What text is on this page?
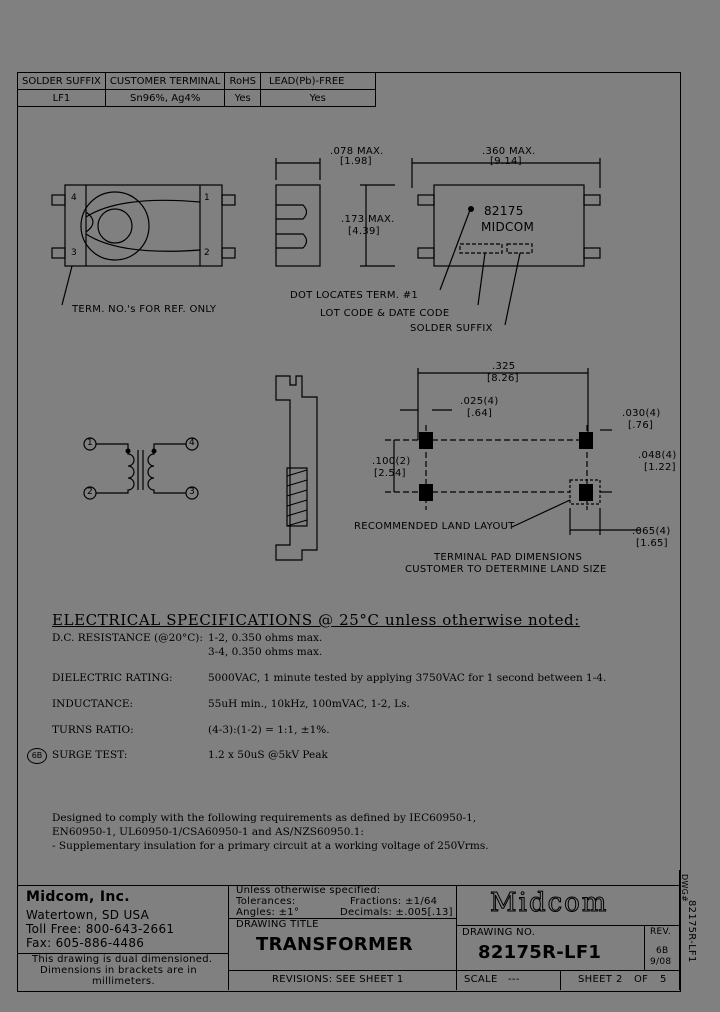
SOLDER SUFFIX	CUSTOMER TERMINAL	RoHS	LEAD(Pb)-FREE
LF1	Sn96%, Ag4%	Yes	Yes
4	1
3	2
1
2
4
3
82175
MIDCOM
.078 MAX.
[1.98]
.360 MAX.
[9.14]
.173 MAX.
[4.39]
.325
[8.26]
.025(4)
[.64]
.100(2)
[2.54]
.030(4)
[.76]
.048(4)
[1.22]
.065(4)
[1.65]
TERM. NO.'s FOR REF. ONLY
DOT LOCATES TERM. #1
LOT CODE & DATE CODE
SOLDER SUFFIX
RECOMMENDED LAND LAYOUT
TERMINAL PAD DIMENSIONS
CUSTOMER TO DETERMINE LAND SIZE
ELECTRICAL SPECIFICATIONS @ 25°C unless otherwise noted:
D.C. RESISTANCE (@20°C): 1-2, 0.350 ohms max.
3-4, 0.350 ohms max.
DIELECTRIC RATING:	5000VAC, 1 minute tested by applying 3750VAC for 1 second between 1-4.
INDUCTANCE:	55uH min., 10kHz, 100mVAC, 1-2, Ls.
TURNS RATIO:	(4-3):(1-2) = 1:1, ±1%.
6B SURGE TEST:	1.2 x 50uS @5kV Peak
Designed to comply with the following requirements as defined by IEC60950-1,
EN60950-1, UL60950-1/CSA60950-1 and AS/NZS60950.1:
- Supplementary insulation for a primary circuit at a working voltage of 250Vrms.
Midcom, Inc.
Watertown, SD USA
Toll Free: 800-643-2661
Fax: 605-886-4486
This drawing is dual dimensioned.
Dimensions in brackets are in
millimeters.
Unless otherwise specified:
Tolerances:	Fractions: ±1/64
Angles: ±1°	Decimals: ±.005[.13]
DRAWING TITLE
TRANSFORMER
REVISIONS: SEE SHEET 1
Midcom
DRAWING NO.
82175R-LF1
REV.
6B
9/08
SCALE ---	SHEET 2 OF 5
DWG#
82175R-LF1
